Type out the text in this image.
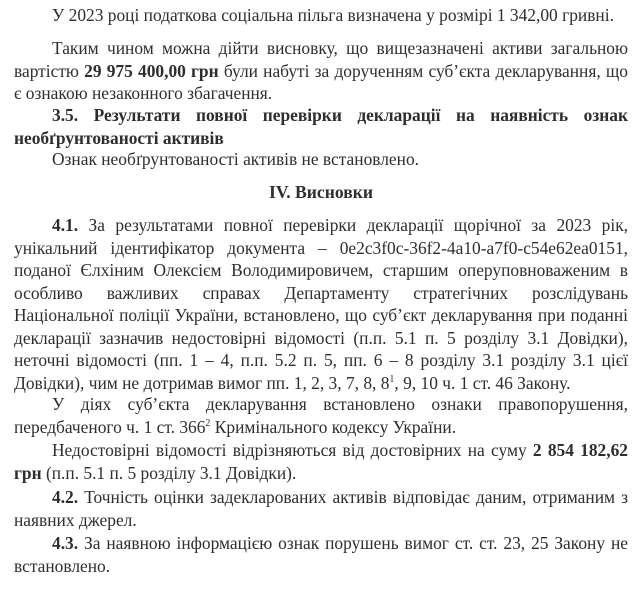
У 2023 році податкова соціальна пільга визначена у розмірі 1 342,00 гривні.

Таким чином можна дійти висновку, що вищезазначені активи загальною вартістю 29 975 400,00 грн були набуті за дорученням суб’єкта декларування, що є ознакою незаконного збагачення.

3.5. Результати повної перевірки декларації на наявність ознак необґрунтованості активів

Ознак необґрунтованості активів не встановлено.

IV. Висновки

4.1. За результатами повної перевірки декларації щорічної за 2023 рік, унікальний ідентифікатор документа – 0e2c3f0c-36f2-4a10-a7f0-c54e62ea0151, поданої Єлхіним Олексієм Володимировичем, старшим оперуповноваженим в особливо важливих справах Департаменту стратегічних розслідувань Національної поліції України, встановлено, що суб’єкт декларування при поданні декларації зазначив недостовірні відомості (п.п. 5.1 п. 5 розділу 3.1 Довідки), неточні відомості (пп. 1 – 4, п.п. 5.2 п. 5, пп. 6 – 8 розділу 3.1 розділу 3.1 цієї Довідки), чим не дотримав вимог пп. 1, 2, 3, 7, 8, $8^1$, 9, 10 ч. 1 ст. 46 Закону.

У діях суб’єкта декларування встановлено ознаки правопорушення, передбаченого ч. 1 ст. $366^2$ Кримінального кодексу України.

Недостовірні відомості відрізняються від достовірних на суму 2 854 182,62 грн (п.п. 5.1 п. 5 розділу 3.1 Довідки).

4.2. Точність оцінки задекларованих активів відповідає даним, отриманим з наявних джерел.

4.3. За наявною інформацією ознак порушень вимог ст. ст. 23, 25 Закону не встановлено.
